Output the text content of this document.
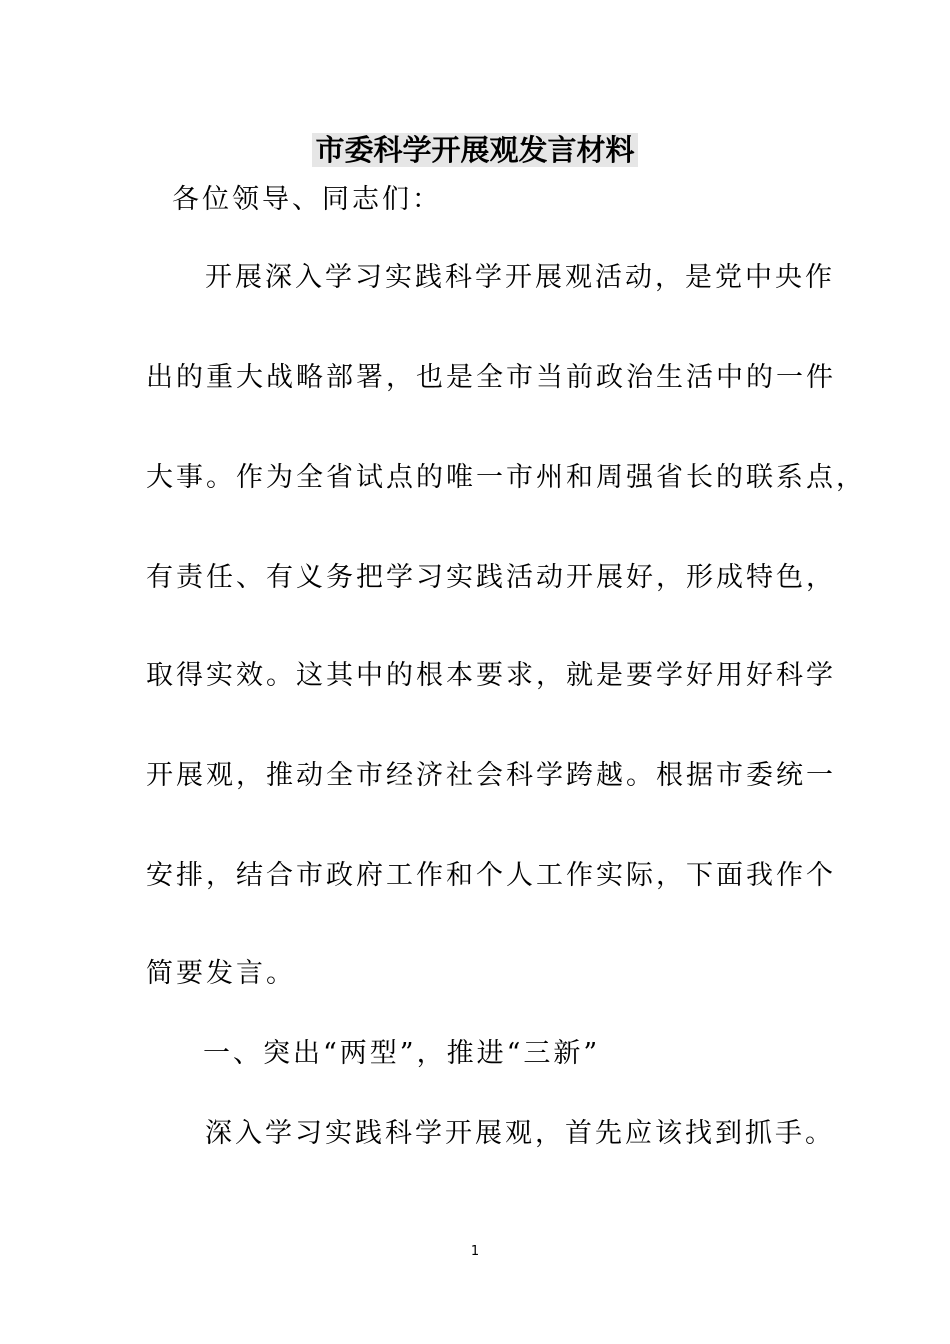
市委科学开展观发言材料
各位领导、同志们：
开展深入学习实践科学开展观活动，是党中央作
出的重大战略部署，也是全市当前政治生活中的一件
大事。作为全省试点的唯一市州和周强省长的联系点，
有责任、有义务把学习实践活动开展好，形成特色，
取得实效。这其中的根本要求，就是要学好用好科学
开展观，推动全市经济社会科学跨越。根据市委统一
安排，结合市政府工作和个人工作实际，下面我作个
简要发言。
一、突出“两型”，推进“三新”
深入学习实践科学开展观，首先应该找到抓手。
1
